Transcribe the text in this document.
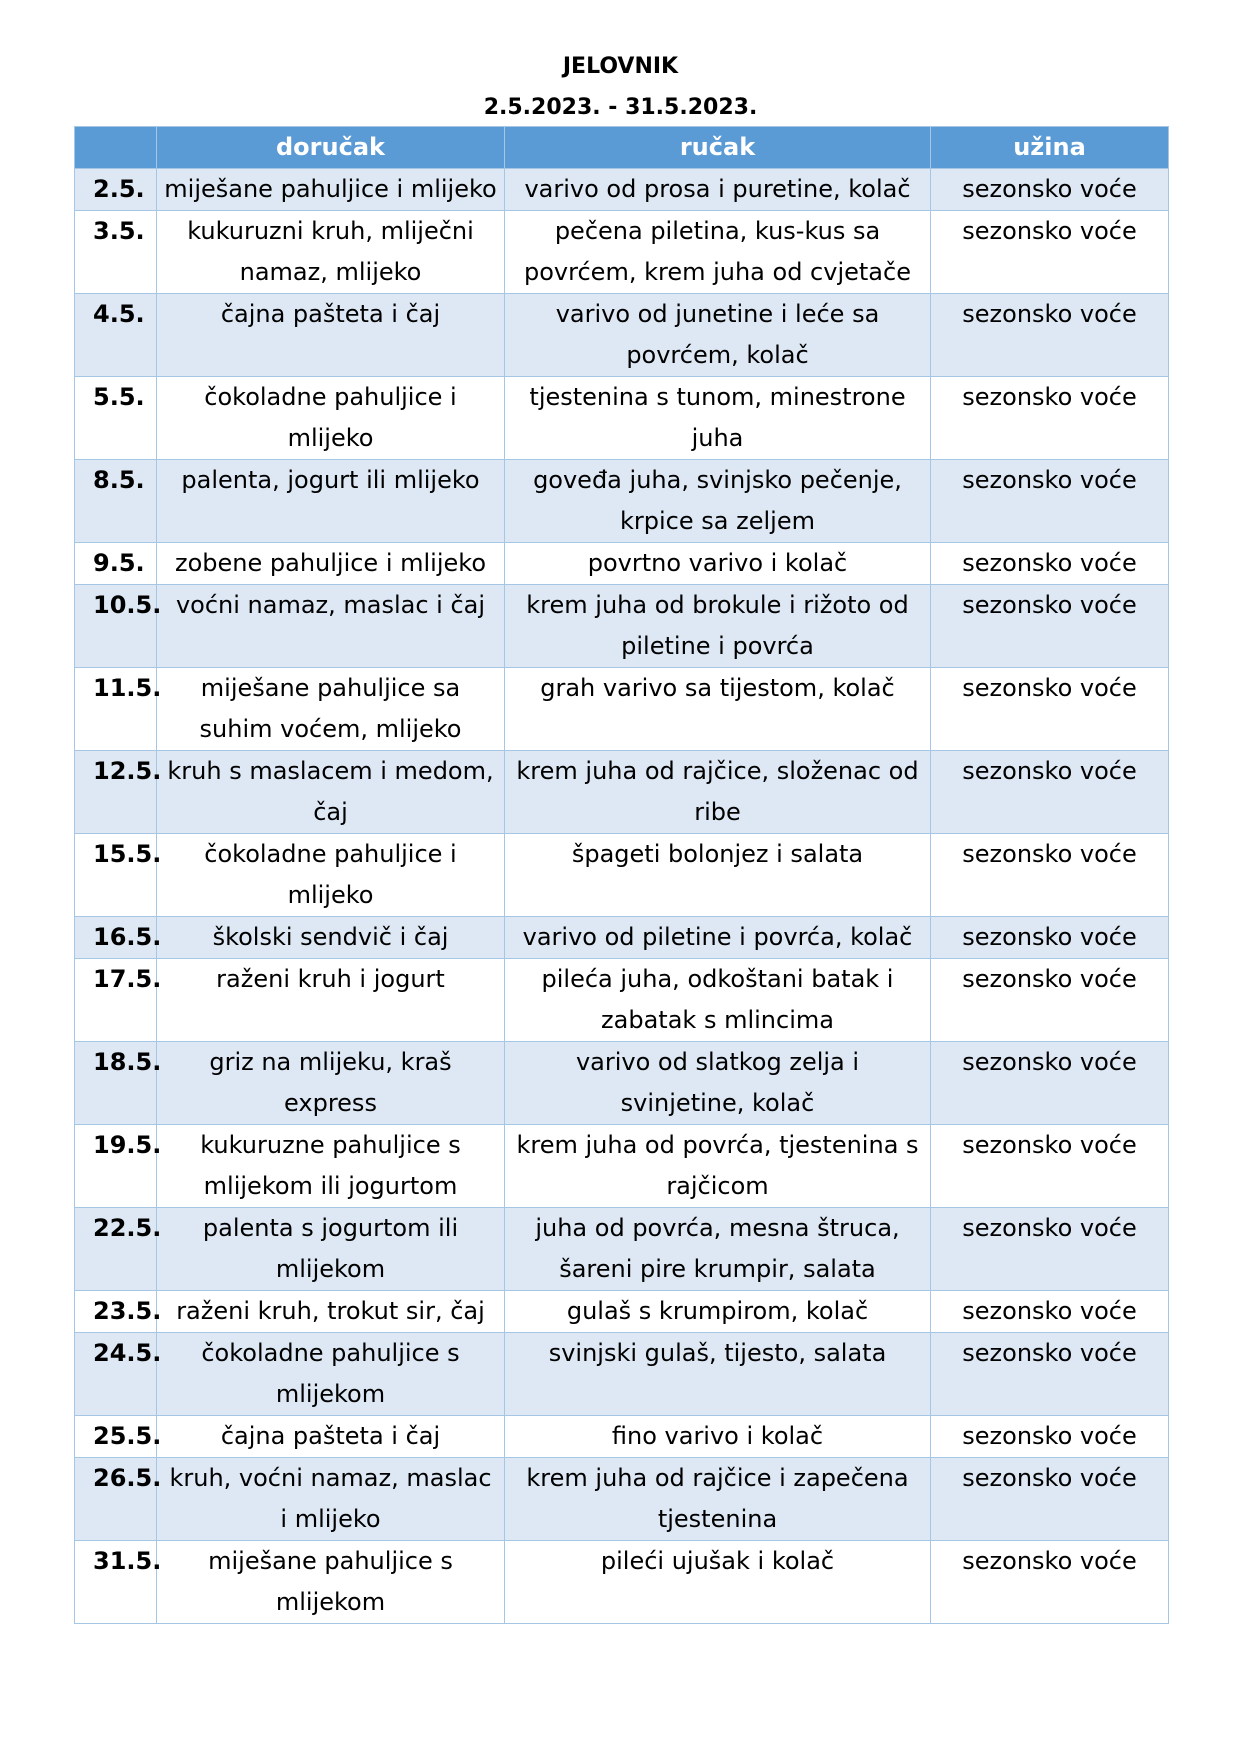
JELOVNIK
2.5.2023. - 31.5.2023.
	doručak	ručak	užina
2.5.	miješane pahuljice i mlijeko	varivo od prosa i puretine, kolač	sezonsko voće
3.5.	kukuruzni kruh, mliječni namaz, mlijeko	pečena piletina, kus-kus sa povrćem, krem juha od cvjetače	sezonsko voće
4.5.	čajna pašteta i čaj	varivo od junetine i leće sa povrćem, kolač	sezonsko voće
5.5.	čokoladne pahuljice i mlijeko	tjestenina s tunom, minestrone juha	sezonsko voće
8.5.	palenta, jogurt ili mlijeko	goveđa juha, svinjsko pečenje, krpice sa zeljem	sezonsko voće
9.5.	zobene pahuljice i mlijeko	povrtno varivo i kolač	sezonsko voće
10.5.	voćni namaz, maslac i čaj	krem juha od brokule i rižoto od piletine i povrća	sezonsko voće
11.5.	miješane pahuljice sa suhim voćem, mlijeko	grah varivo sa tijestom, kolač	sezonsko voće
12.5.	kruh s maslacem i medom, čaj	krem juha od rajčice, složenac od ribe	sezonsko voće
15.5.	čokoladne pahuljice i mlijeko	špageti bolonjez i salata	sezonsko voće
16.5.	školski sendvič i čaj	varivo od piletine i povrća, kolač	sezonsko voće
17.5.	raženi kruh i jogurt	pileća juha, odkoštani batak i zabatak s mlincima	sezonsko voće
18.5.	griz na mlijeku, kraš express	varivo od slatkog zelja i svinjetine, kolač	sezonsko voće
19.5.	kukuruzne pahuljice s mlijekom ili jogurtom	krem juha od povrća, tjestenina s rajčicom	sezonsko voće
22.5.	palenta s jogurtom ili mlijekom	juha od povrća, mesna štruca, šareni pire krumpir, salata	sezonsko voće
23.5.	raženi kruh, trokut sir, čaj	gulaš s krumpirom, kolač	sezonsko voće
24.5.	čokoladne pahuljice s mlijekom	svinjski gulaš, tijesto, salata	sezonsko voće
25.5.	čajna pašteta i čaj	fino varivo i kolač	sezonsko voće
26.5.	kruh, voćni namaz, maslac i mlijeko	krem juha od rajčice i zapečena tjestenina	sezonsko voće
31.5.	miješane pahuljice s mlijekom	pileći ujušak i kolač	sezonsko voće
